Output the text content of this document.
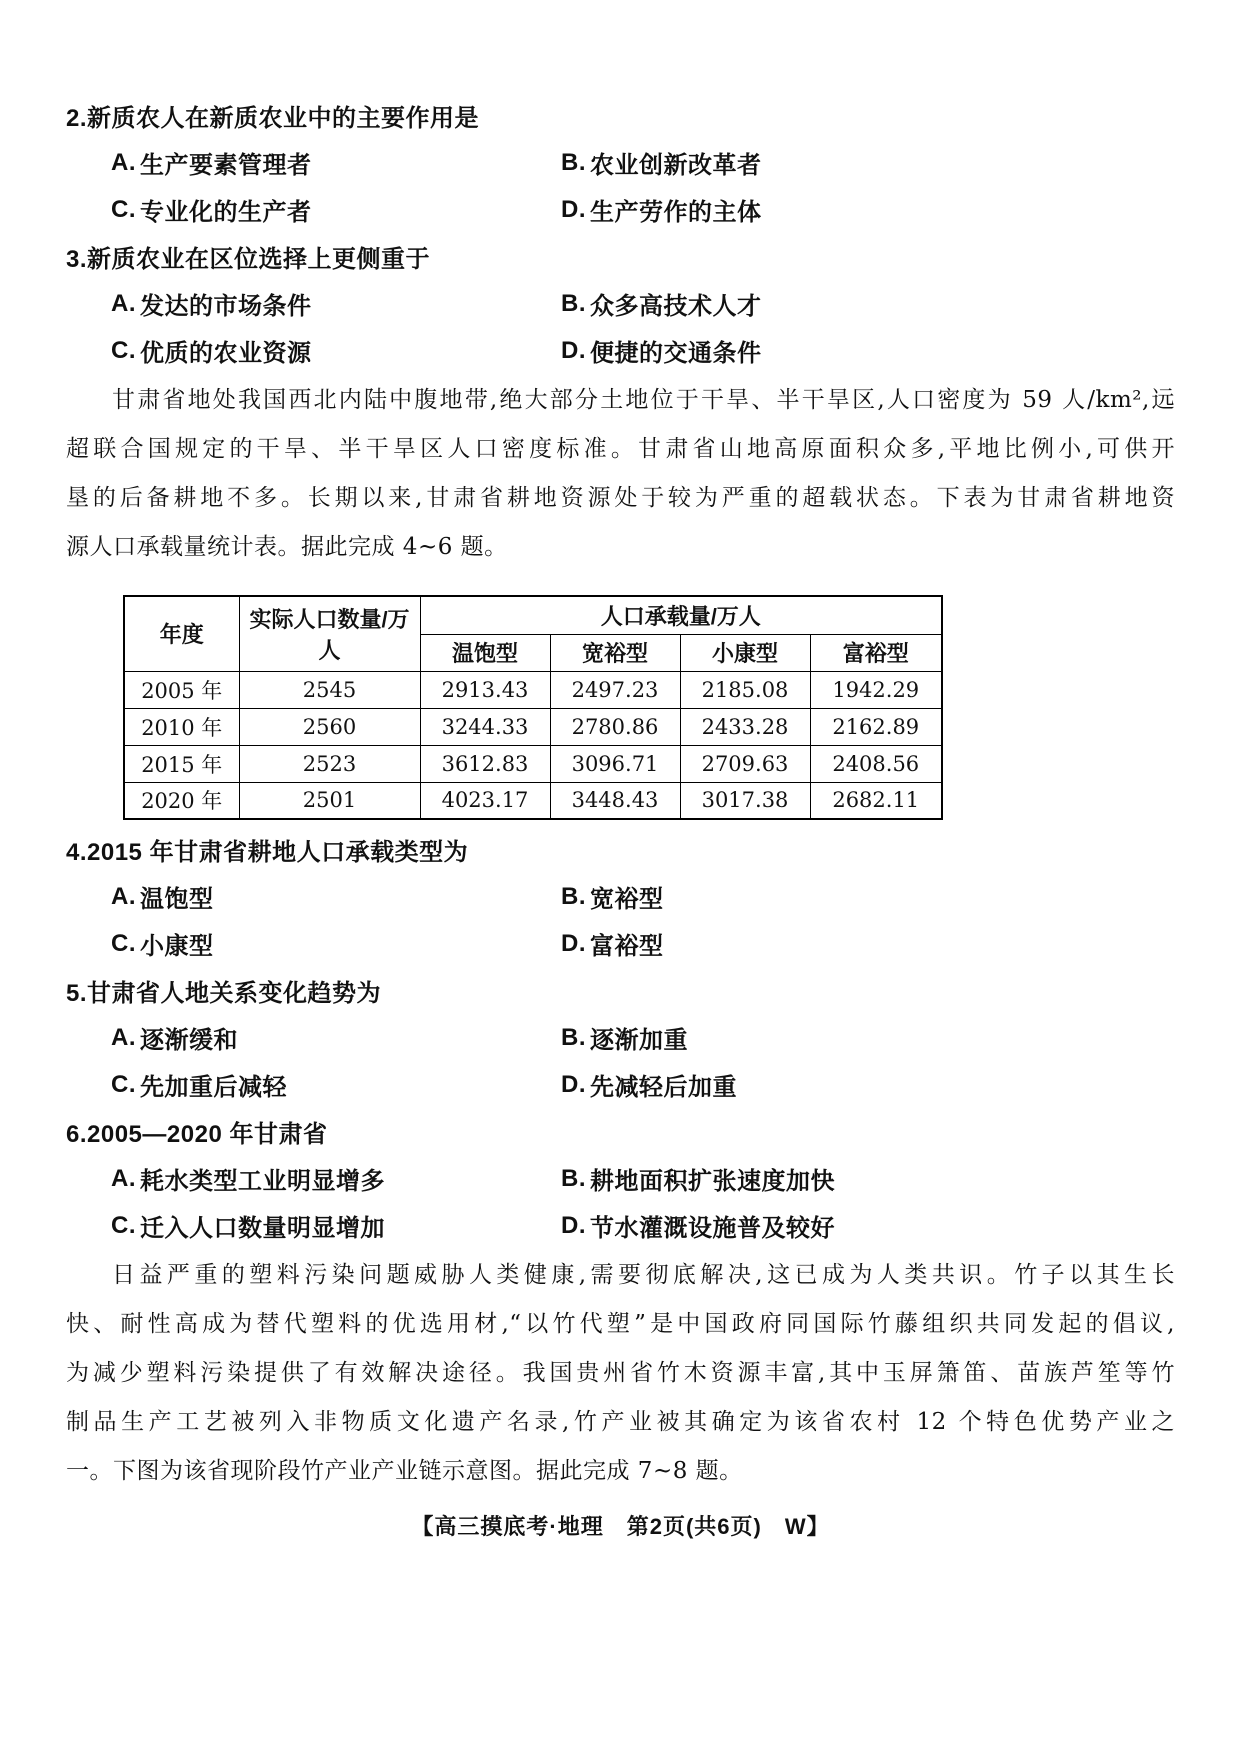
2.新质农人在新质农业中的主要作用是
A. 生产要素管理者	B. 农业创新改革者
C. 专业化的生产者	D. 生产劳作的主体
3.新质农业在区位选择上更侧重于
A. 发达的市场条件	B. 众多高技术人才
C. 优质的农业资源	D. 便捷的交通条件
甘肃省地处我国西北内陆中腹地带,绝大部分土地位于干旱、半干旱区,人口密度为 59 人/km²,远
超联合国规定的干旱、半干旱区人口密度标准。甘肃省山地高原面积众多,平地比例小,可供开
垦的后备耕地不多。长期以来,甘肃省耕地资源处于较为严重的超载状态。下表为甘肃省耕地资
源人口承载量统计表。据此完成 4~6 题。
年度	实际人口数量/万人	人口承载量/万人			
		温饱型	宽裕型	小康型	富裕型
2005 年	2545	2913.43	2497.23	2185.08	1942.29
2010 年	2560	3244.33	2780.86	2433.28	2162.89
2015 年	2523	3612.83	3096.71	2709.63	2408.56
2020 年	2501	4023.17	3448.43	3017.38	2682.11
4.2015 年甘肃省耕地人口承载类型为
A. 温饱型	B. 宽裕型
C. 小康型	D. 富裕型
5.甘肃省人地关系变化趋势为
A. 逐渐缓和	B. 逐渐加重
C. 先加重后减轻	D. 先减轻后加重
6.2005—2020 年甘肃省
A. 耗水类型工业明显增多	B. 耕地面积扩张速度加快
C. 迁入人口数量明显增加	D. 节水灌溉设施普及较好
日益严重的塑料污染问题威胁人类健康,需要彻底解决,这已成为人类共识。竹子以其生长
快、耐性高成为替代塑料的优选用材,“以竹代塑”是中国政府同国际竹藤组织共同发起的倡议,
为减少塑料污染提供了有效解决途径。我国贵州省竹木资源丰富,其中玉屏箫笛、苗族芦笙等竹
制品生产工艺被列入非物质文化遗产名录,竹产业被其确定为该省农村 12 个特色优势产业之
一。下图为该省现阶段竹产业产业链示意图。据此完成 7~8 题。
【高三摸底考·地理　第2页(共6页)　W】
